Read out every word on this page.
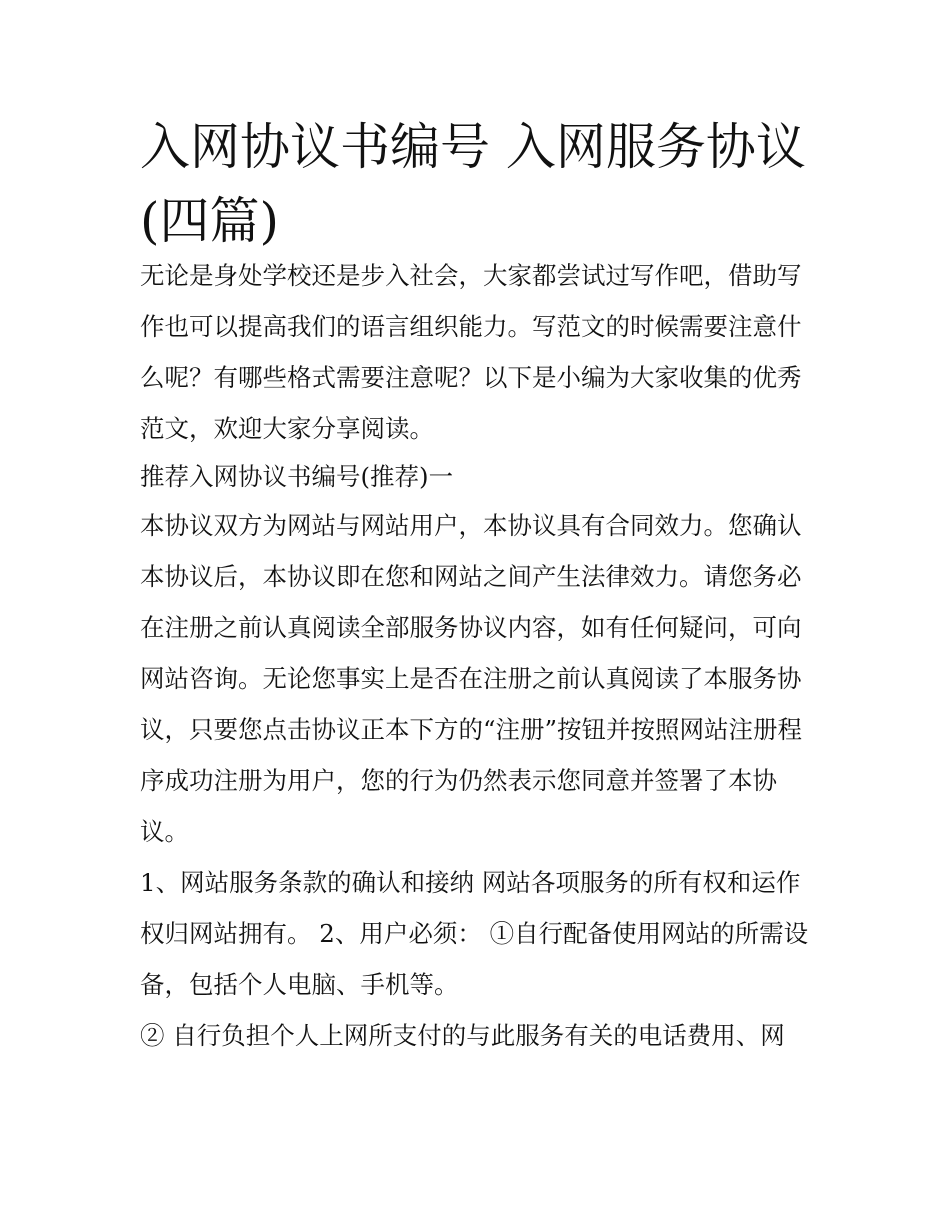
入网协议书编号 入网服务协议(四篇)

无论是身处学校还是步入社会，大家都尝试过写作吧，借助写作也可以提高我们的语言组织能力。写范文的时候需要注意什么呢？有哪些格式需要注意呢？以下是小编为大家收集的优秀范文，欢迎大家分享阅读。

推荐入网协议书编号(推荐)一

本协议双方为网站与网站用户，本协议具有合同效力。您确认本协议后，本协议即在您和网站之间产生法律效力。请您务必在注册之前认真阅读全部服务协议内容，如有任何疑问，可向网站咨询。无论您事实上是否在注册之前认真阅读了本服务协议，只要您点击协议正本下方的“注册”按钮并按照网站注册程序成功注册为用户，您的行为仍然表示您同意并签署了本协议。

1、网站服务条款的确认和接纳 网站各项服务的所有权和运作权归网站拥有。 2、用户必须： ①自行配备使用网站的所需设备，包括个人电脑、手机等。

② 自行负担个人上网所支付的与此服务有关的电话费用、网
